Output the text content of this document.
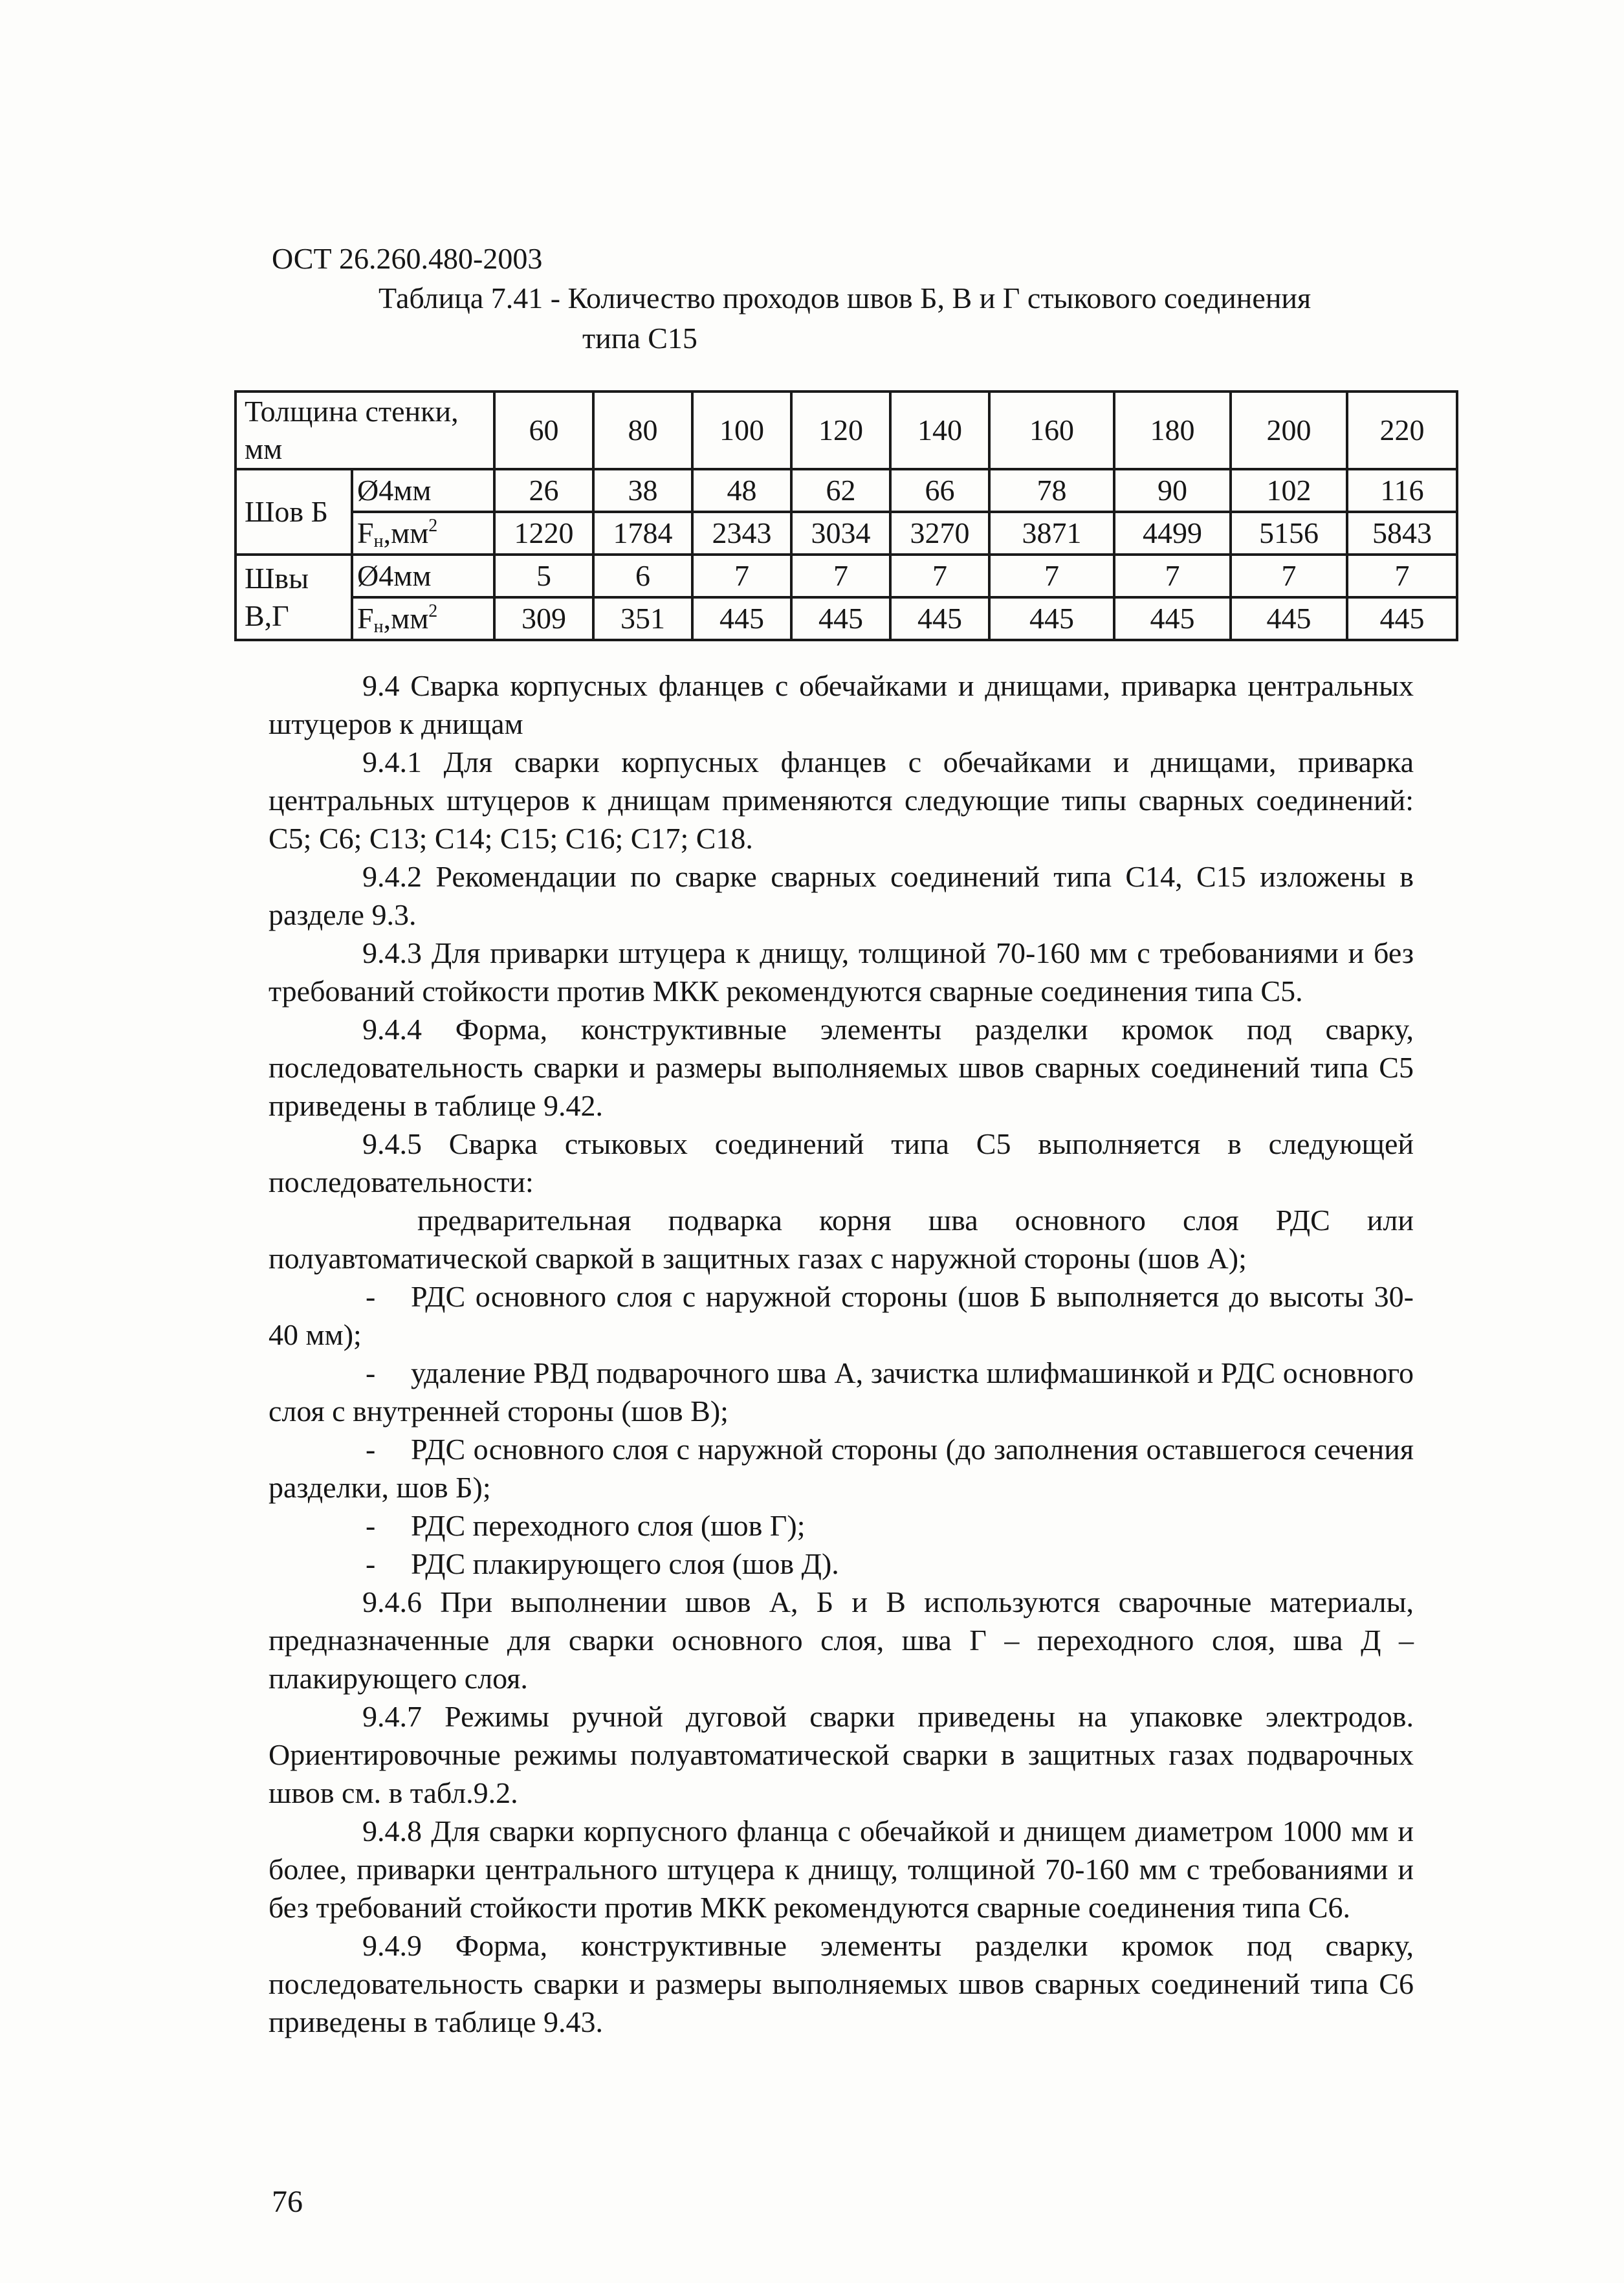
ОСТ 26.260.480-2003
Таблица 7.41 - Количество проходов швов Б, В и Г стыкового соединения
типа С15
Толщина стенки, мм		60	80	100	120	140	160	180	200	220
Шов Б	Ø4мм	26	38	48	62	66	78	90	102	116
	$F_н,мм^2$	1220	1784	2343	3034	3270	3871	4499	5156	5843
Швы В,Г	Ø4мм	5	6	7	7	7	7	7	7	7
	$F_н,мм^2$	309	351	445	445	445	445	445	445	445

9.4 Сварка корпусных фланцев с обечайками и днищами, приварка центральных штуцеров к днищам

9.4.1 Для сварки корпусных фланцев с обечайками и днищами, приварка центральных штуцеров к днищам применяются следующие типы сварных соединений: С5; С6; С13; С14; С15; С16; С17; С18.

9.4.2 Рекомендации по сварке сварных соединений типа С14, С15 изложены в разделе 9.3.

9.4.3 Для приварки штуцера к днищу, толщиной 70-160 мм с требованиями и без требований стойкости против МКК рекомендуются сварные соединения типа С5.

9.4.4 Форма, конструктивные элементы разделки кромок под сварку, последовательность сварки и размеры выполняемых швов сварных соединений типа С5 приведены в таблице 9.42.

9.4.5 Сварка стыковых соединений типа С5 выполняется в следующей последовательности:

предварительная подварка корня шва основного слоя РДС или полуавтоматической сваркой в защитных газах с наружной стороны (шов А);

- РДС основного слоя с наружной стороны (шов Б выполняется до высоты 30-40 мм);

- удаление РВД подварочного шва А, зачистка шлифмашинкой и РДС основного слоя с внутренней стороны (шов В);

- РДС основного слоя с наружной стороны (до заполнения оставшегося сечения разделки, шов Б);

- РДС переходного слоя (шов Г);

- РДС плакирующего слоя (шов Д).

9.4.6 При выполнении швов А, Б и В используются сварочные материалы, предназначенные для сварки основного слоя, шва Г – переходного слоя, шва Д – плакирующего слоя.

9.4.7 Режимы ручной дуговой сварки приведены на упаковке электродов. Ориентировочные режимы полуавтоматической сварки в защитных газах подварочных швов см. в табл.9.2.

9.4.8 Для сварки корпусного фланца с обечайкой и днищем диаметром 1000 мм и более, приварки центрального штуцера к днищу, толщиной 70-160 мм с требованиями и без требований стойкости против МКК рекомендуются сварные соединения типа С6.

9.4.9 Форма, конструктивные элементы разделки кромок под сварку, последовательность сварки и размеры выполняемых швов сварных соединений типа С6 приведены в таблице 9.43.

76
